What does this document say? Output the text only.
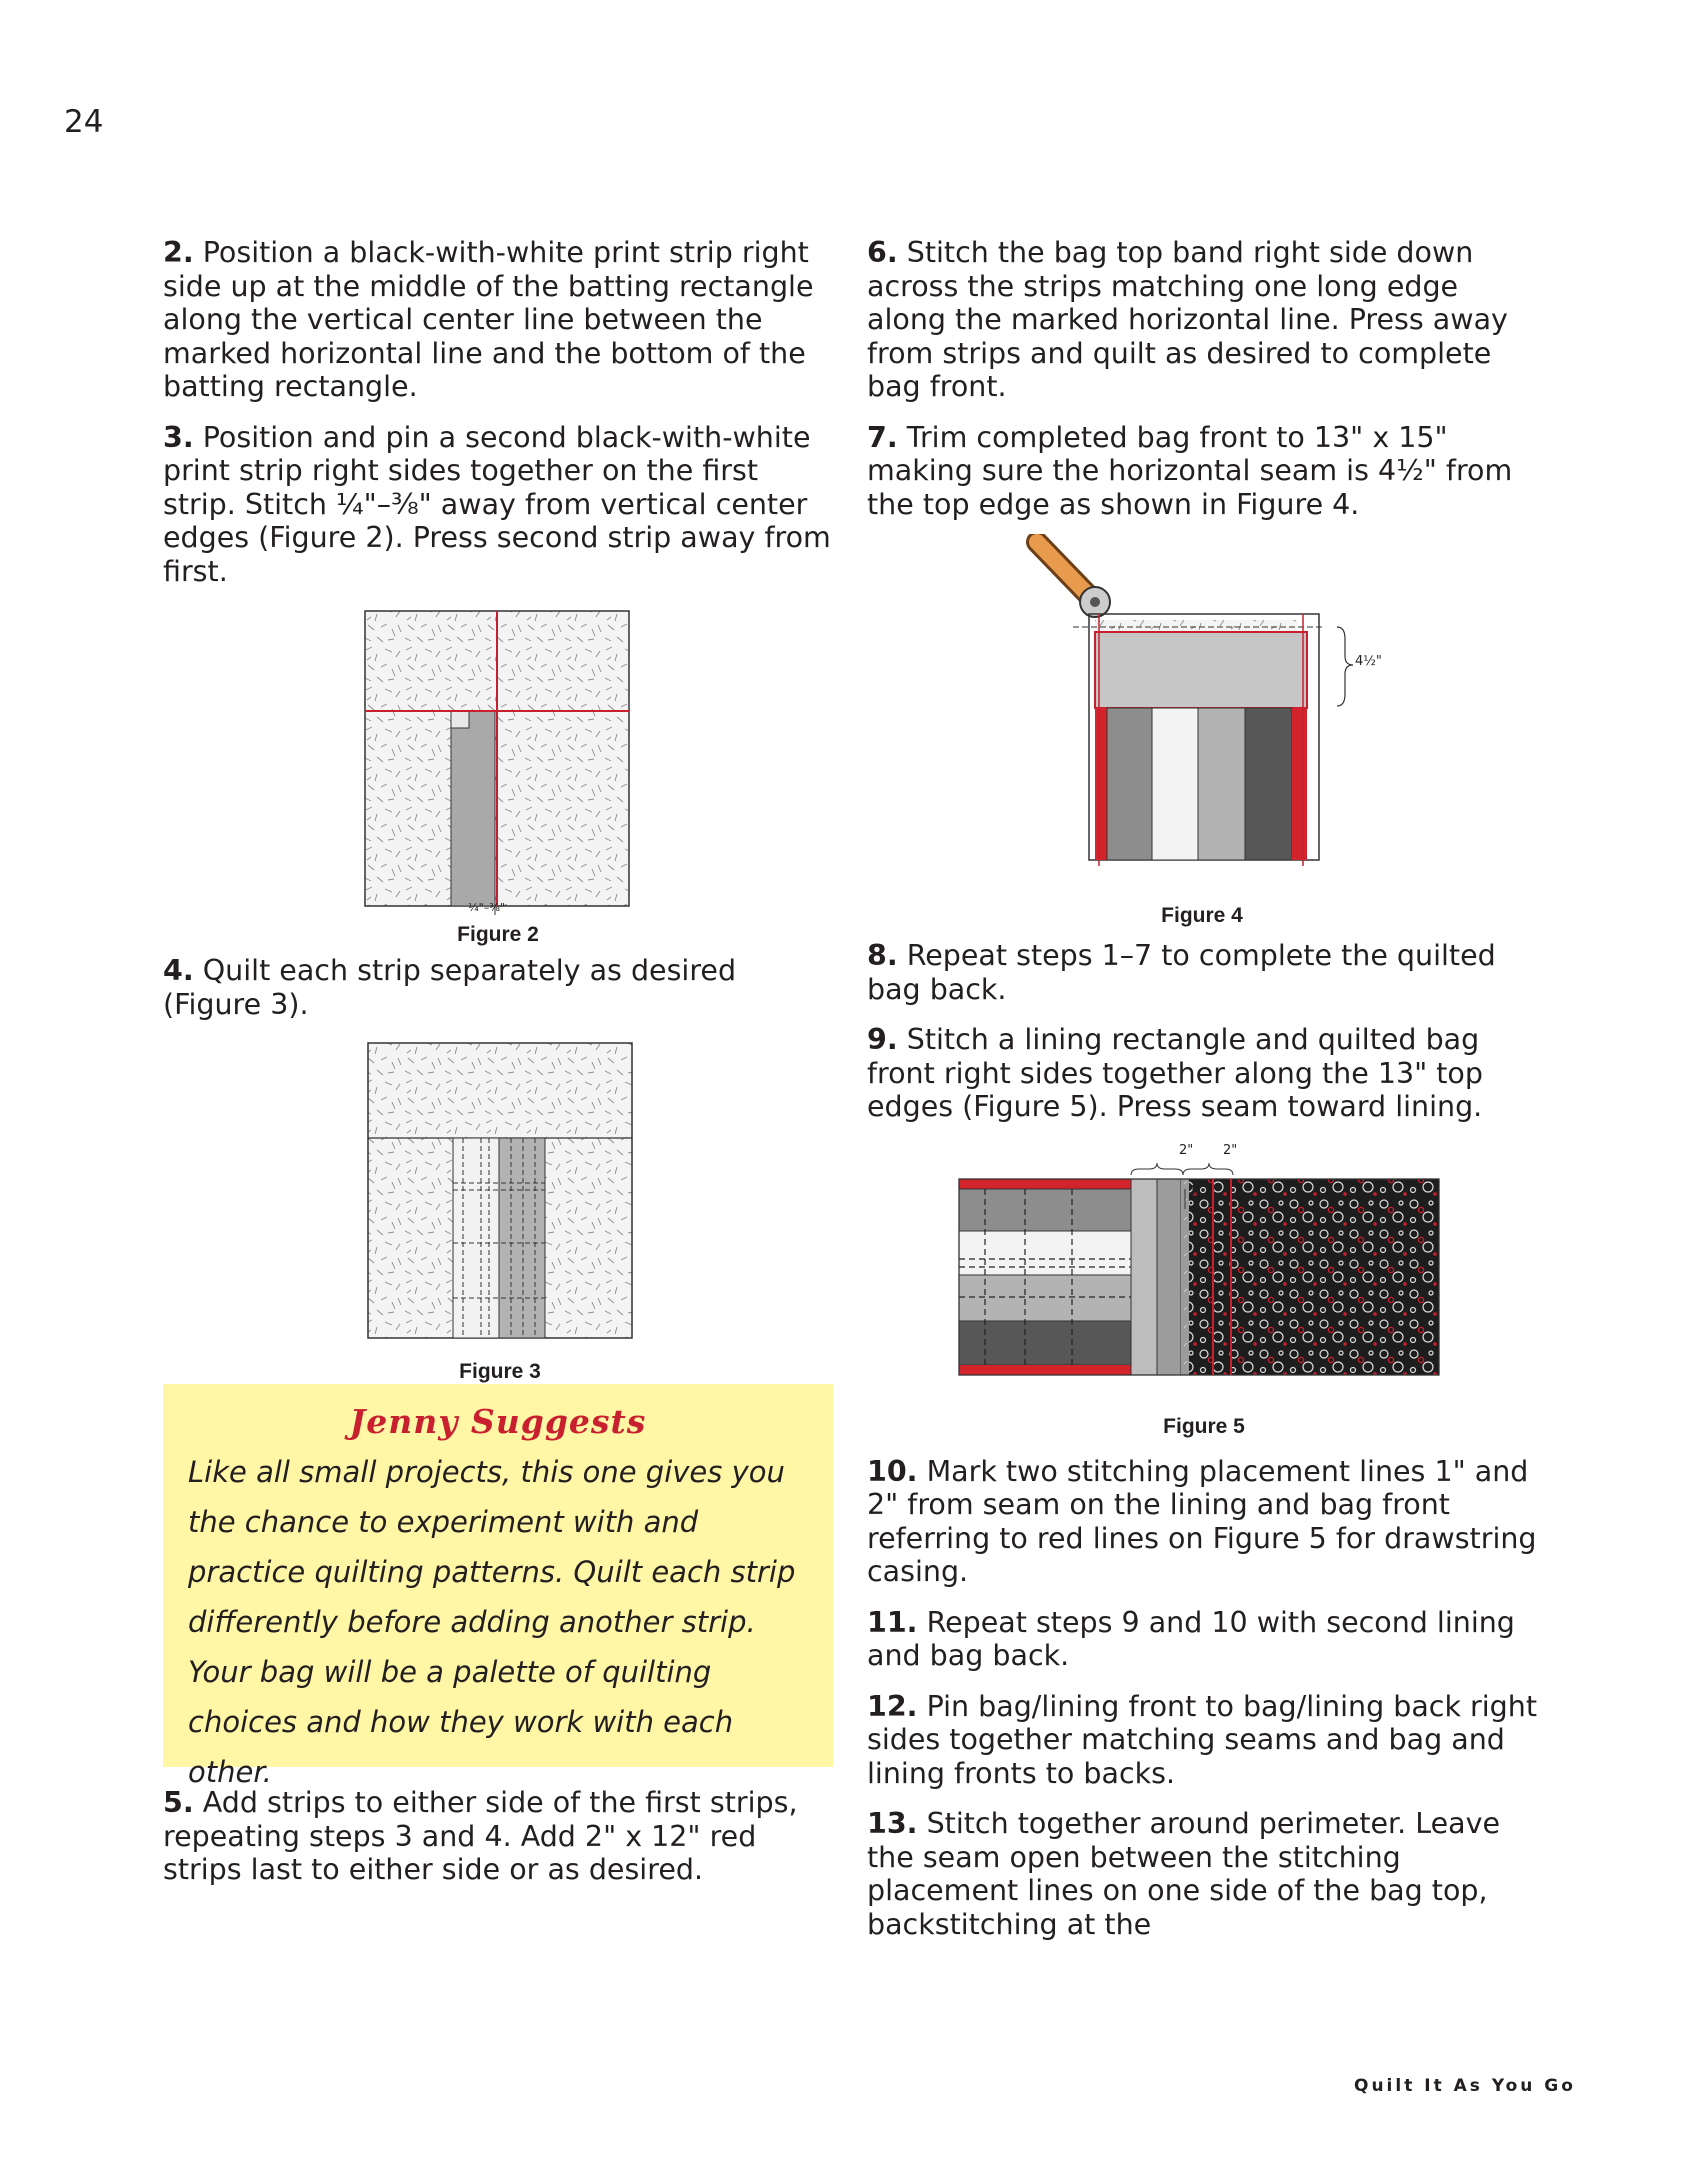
24

2. Position a black-with-white print strip right side up at the middle of the batting rectangle along the vertical center line between the marked horizontal line and the bottom of the batting rectangle.

3. Position and pin a second black-with-white print strip right sides together on the first strip. Stitch ¼"–⅜" away from vertical center edges (Figure 2). Press second strip away from first.

¼"–⅜"
Figure 2

4. Quilt each strip separately as desired (Figure 3).

Figure 3
Jenny Suggests
Like all small projects, this one gives you the chance to experiment with and practice quilting patterns. Quilt each strip differently before adding another strip. Your bag will be a palette of quilting choices and how they work with each other.

5. Add strips to either side of the first strips, repeating steps 3 and 4. Add 2" x 12" red strips last to either side or as desired.

6. Stitch the bag top band right side down across the strips matching one long edge along the marked horizontal line. Press away from strips and quilt as desired to complete bag front.

7. Trim completed bag front to 13" x 15" making sure the horizontal seam is 4½" from the top edge as shown in Figure 4.

4½"
Figure 4

8. Repeat steps 1–7 to complete the quilted bag back.

9. Stitch a lining rectangle and quilted bag front right sides together along the 13" top edges (Figure 5). Press seam toward lining.

2" 2"
1"
Figure 5

10. Mark two stitching placement lines 1" and 2" from seam on the lining and bag front referring to red lines on Figure 5 for drawstring casing.

11. Repeat steps 9 and 10 with second lining and bag back.

12. Pin bag/lining front to bag/lining back right sides together matching seams and bag and lining fronts to backs.

13. Stitch together around perimeter. Leave the seam open between the stitching placement lines on one side of the bag top, backstitching at the

Quilt It As You Go
